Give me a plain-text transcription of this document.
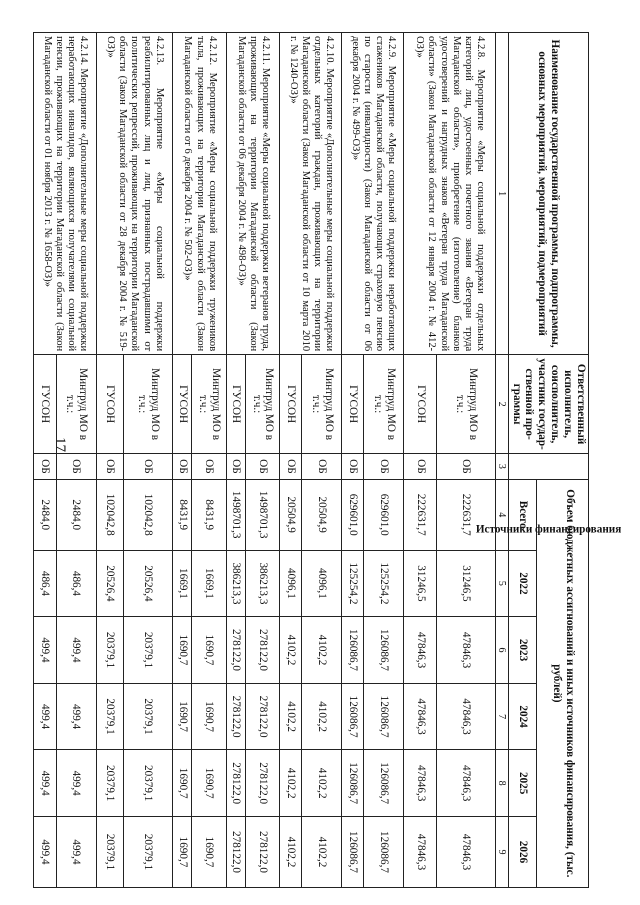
17
Наименование государственной программы, подпрограммы, основных мероприятий, мероприятий, подмероприятий	Ответственный исполнитель, соисполнитель, участник государ-ственной про-граммы	Источники финансирования	Объем бюджетных ассигнований и иных источников финансирования, (тыс. рублей)					
			Всего	2022	2023	2024	2025	2026
1	2	3	4	5	6	7	8	9
4.2.8. Мероприятие «Меры социальной поддержки отдельных категорий лиц, удостоенных почетного звания «Ветеран труда Магаданской области», приобретение (изготовление) бланков удостоверений и нагрудных знаков «Ветеран труда Магаданской области» (Закон Магаданской области от 12 января 2004 г. № 412-ОЗ)»	Минтруд МО в т.ч.:	ОБ	222631,7	31246,5	47846,3	47846,3	47846,3	47846,3
	ГУСОН	ОБ	222631,7	31246,5	47846,3	47846,3	47846,3	47846,3
4.2.9. Мероприятие «Меры социальной поддержки неработающих стажеников Магаданской области, получающих страховую пенсию по старости (инвалидности) (Закон Магаданской области от 06 декабря 2004 г. № 499-ОЗ)»	Минтруд МО в т.ч.:	ОБ	629601,0	125254,2	126086,7	126086,7	126086,7	126086,7
	ГУСОН	ОБ	629601,0	125254,2	126086,7	126086,7	126086,7	126086,7
4.2.10. Мероприятие «Дополнительные меры социальной поддержки отдельных категорий граждан, проживающих на территории Магаданской области (Закон Магаданской области от 10 марта 2010 г. № 1240-ОЗ)»	Минтруд МО в т.ч.:	ОБ	20504,9	4096,1	4102,2	4102,2	4102,2	4102,2
	ГУСОН	ОБ	20504,9	4096,1	4102,2	4102,2	4102,2	4102,2
4.2.11. Мероприятие «Меры социальной поддержки ветеранов труда, проживающих на территории Магаданской области (Закон Магаданской области от 06 декабря 2004 г. № 498-ОЗ)»	Минтруд МО в т.ч.:	ОБ	1498701,3	386213,3	278122,0	278122,0	278122,0	278122,0
	ГУСОН	ОБ	1498701,3	386213,3	278122,0	278122,0	278122,0	278122,0
4.2.12. Мероприятие «Меры социальной поддержки тружеников тыла, проживающих на территории Магаданской области (Закон Магаданской области от 6 декабря 2004 г. № 502-ОЗ)»	Минтруд МО в т.ч.:	ОБ	8431,9	1669,1	1690,7	1690,7	1690,7	1690,7
	ГУСОН	ОБ	8431,9	1669,1	1690,7	1690,7	1690,7	1690,7
4.2.13. Мероприятие «Меры социальной поддержки реабилитированных лиц и лиц, признанных пострадавшими от политических репрессий, проживающих на территории Магаданской области (Закон Магаданской области от 28 декабря 2004 г. № 519-ОЗ)»	Минтруд МО в т.ч.:	ОБ	102042,8	20526,4	20379,1	20379,1	20379,1	20379,1
	ГУСОН	ОБ	102042,8	20526,4	20379,1	20379,1	20379,1	20379,1
4.2.14. Мероприятие «Дополнительные меры социальной поддержки неработающих инвалидов, являющихся получателями социальной пенсии, проживающих на территории Магаданской области (Закон Магаданской области от 01 ноября 2013 г. № 1658-ОЗ)»	Минтруд МО в т.ч.:	ОБ	2484,0	486,4	499,4	499,4	499,4	499,4
	ГУСОН	ОБ	2484,0	486,4	499,4	499,4	499,4	499,4
